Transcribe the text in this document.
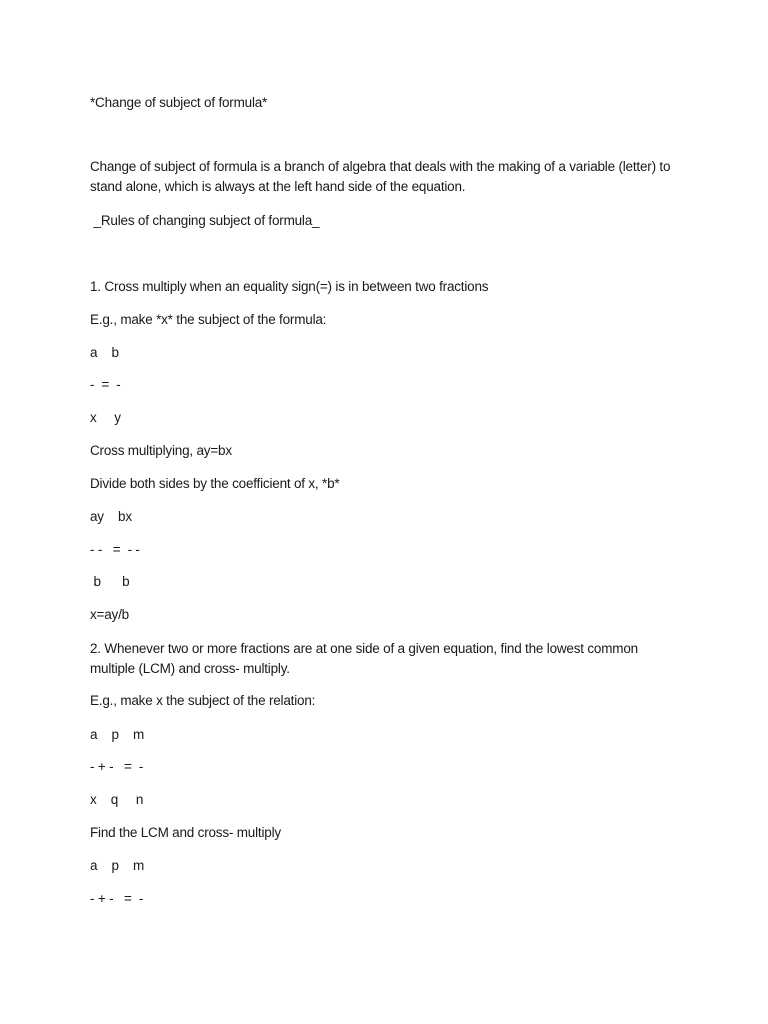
*Change of subject of formula*
Change of subject of formula is a branch of algebra that deals with the making of a variable (letter) to stand alone, which is always at the left hand side of the equation.
_Rules of changing subject of formula_
1. Cross multiply when an equality sign(=) is in between two fractions
E.g., make *x* the subject of the formula:
a    b
-  =  -
x     y
Cross multiplying, ay=bx
Divide both sides by the coefficient of x, *b*
ay    bx
- -   =  - -
b      b
x=ay/b
2. Whenever two or more fractions are at one side of a given equation, find the lowest common multiple (LCM) and cross- multiply.
E.g., make x the subject of the relation:
a    p    m
- + -   =  -
x    q     n
Find the LCM and cross- multiply
a    p    m
- + -   =  -
